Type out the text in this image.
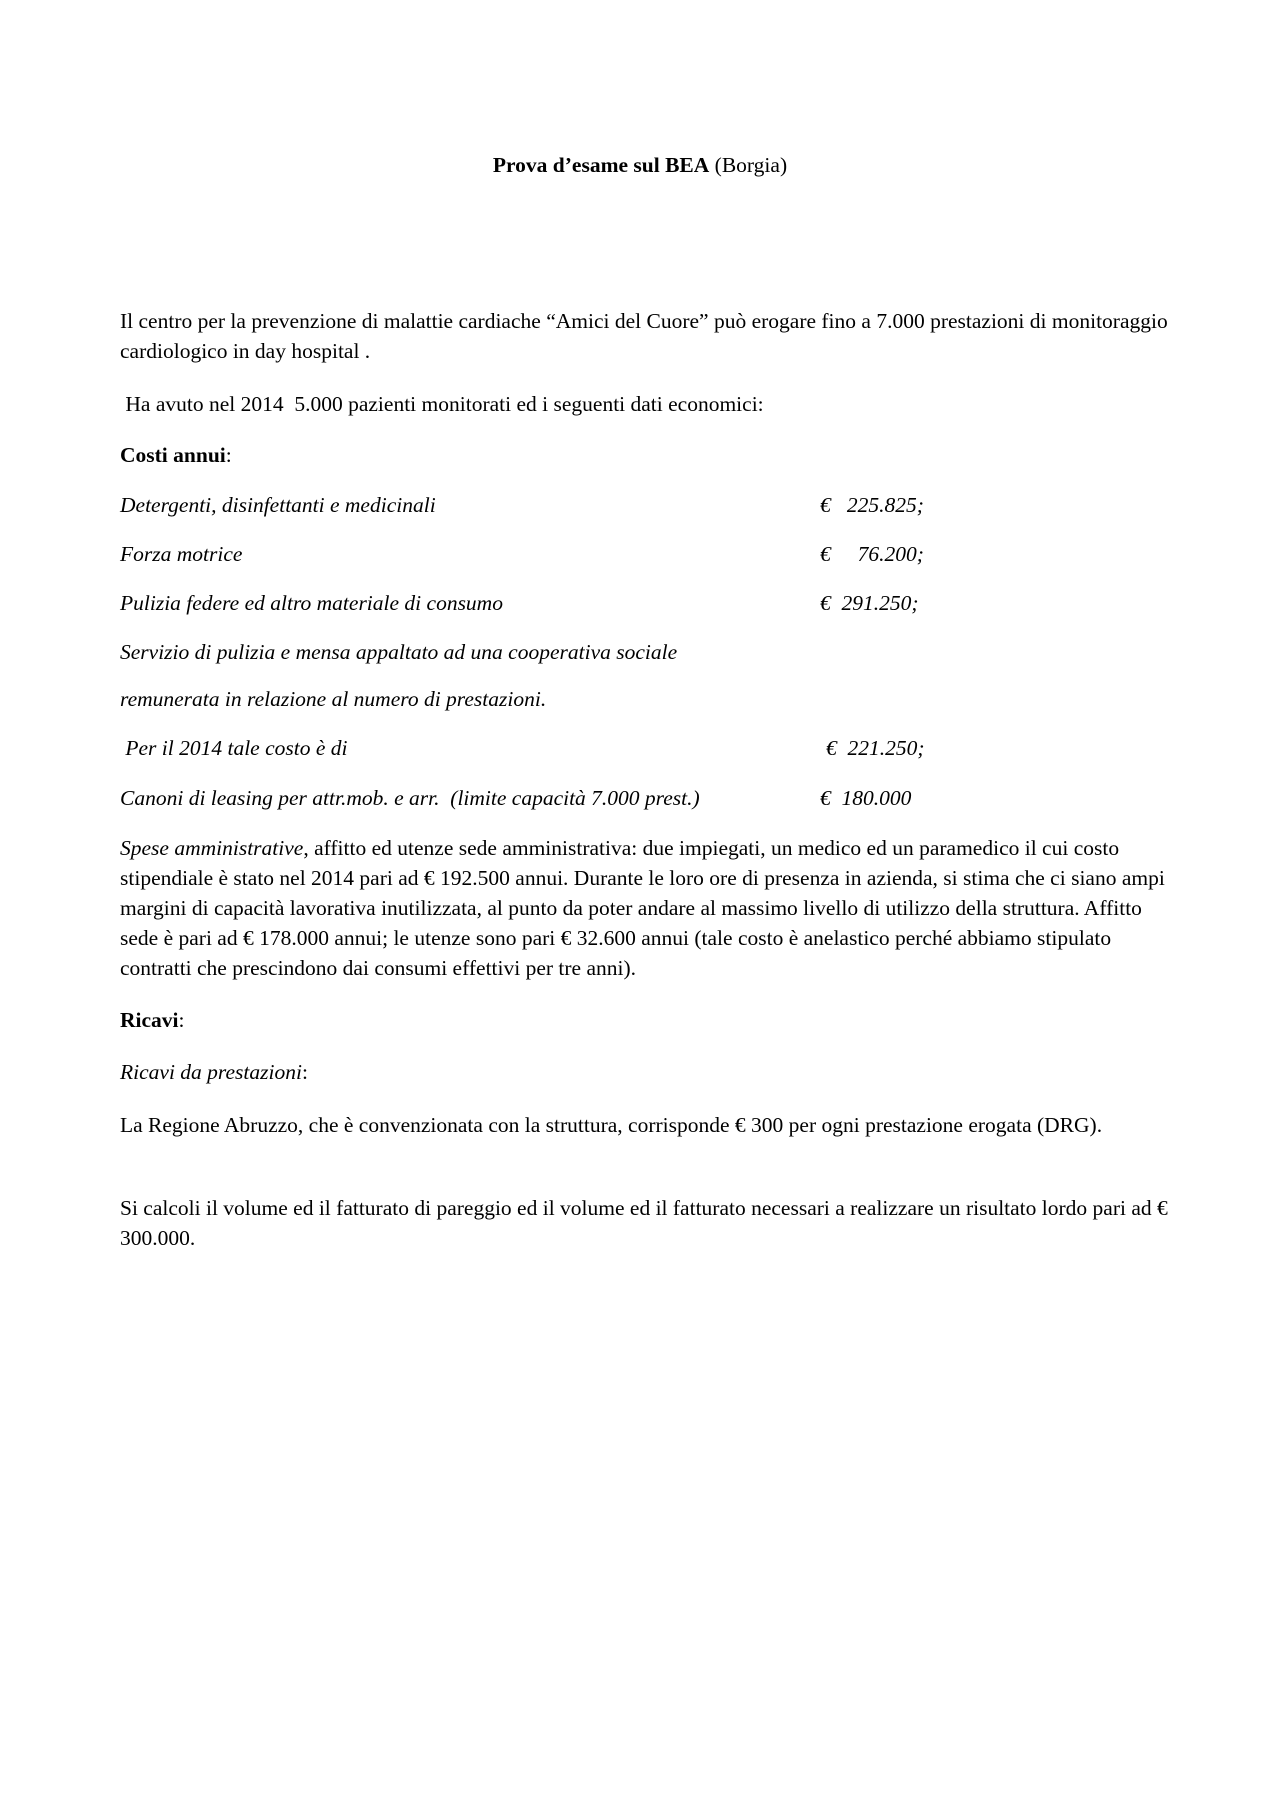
Prova d’esame sul BEA (Borgia)

Il centro per la prevenzione di malattie cardiache “Amici del Cuore” può erogare fino a 7.000 prestazioni di monitoraggio cardiologico in day hospital .

Ha avuto nel 2014  5.000 pazienti monitorati ed i seguenti dati economici:

Costi annui:
Detergenti, disinfettanti e medicinali	€   225.825;
Forza motrice	€     76.200;
Pulizia federe ed altro materiale di consumo	€  291.250;
Servizio di pulizia e mensa appaltato ad una cooperativa sociale
remunerata in relazione al numero di prestazioni.
Per il 2014 tale costo è di	€  221.250;
Canoni di leasing per attr.mob. e arr.  (limite capacità 7.000 prest.)	€  180.000

Spese amministrative, affitto ed utenze sede amministrativa: due impiegati, un medico ed un paramedico il cui costo stipendiale è stato nel 2014 pari ad € 192.500 annui. Durante le loro ore di presenza in azienda, si stima che ci siano ampi margini di capacità lavorativa inutilizzata, al punto da poter andare al massimo livello di utilizzo della struttura. Affitto sede è pari ad € 178.000 annui; le utenze sono pari € 32.600 annui (tale costo è anelastico perché abbiamo stipulato contratti che prescindono dai consumi effettivi per tre anni).

Ricavi:
Ricavi da prestazioni:

La Regione Abruzzo, che è convenzionata con la struttura, corrisponde € 300 per ogni prestazione erogata (DRG).

Si calcoli il volume ed il fatturato di pareggio ed il volume ed il fatturato necessari a realizzare un risultato lordo pari ad € 300.000.
